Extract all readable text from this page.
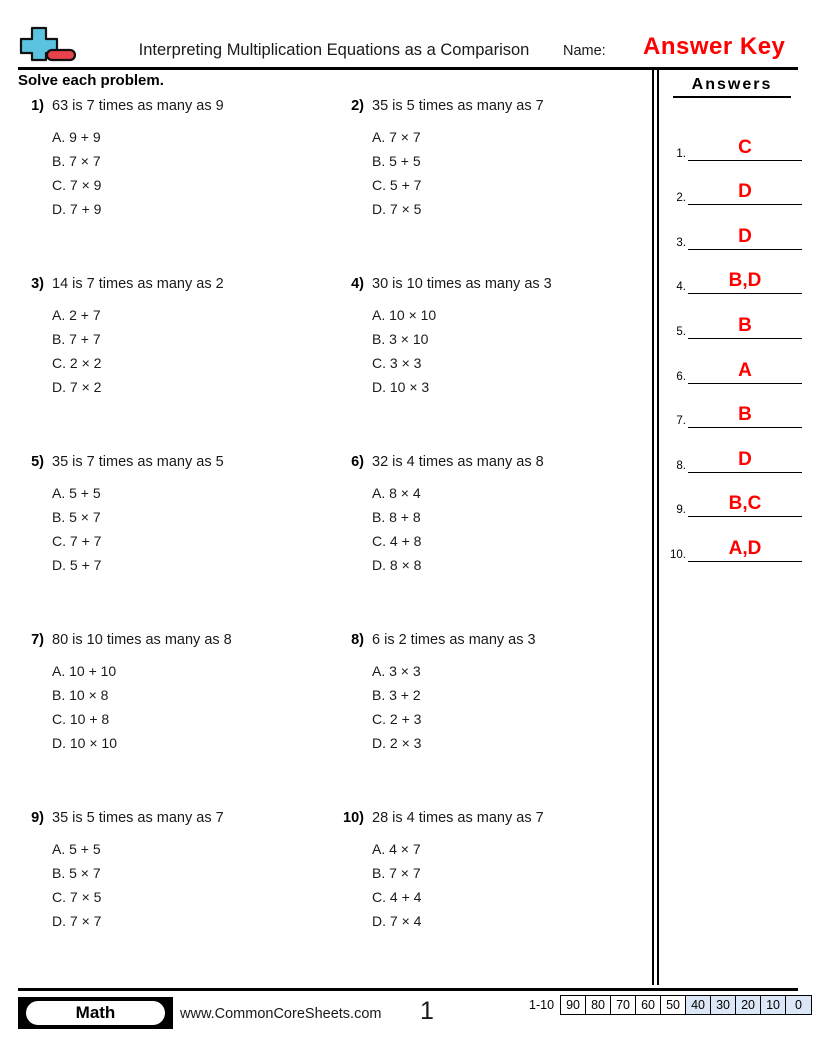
Interpreting Multiplication Equations as a Comparison	Name: Answer Key
Solve each problem.
1) 63 is 7 times as many as 9
A. 9 + 9
B. 7 × 7
C. 7 × 9
D. 7 + 9
2) 35 is 5 times as many as 7
A. 7 × 7
B. 5 + 5
C. 5 + 7
D. 7 × 5
3) 14 is 7 times as many as 2
A. 2 + 7
B. 7 + 7
C. 2 × 2
D. 7 × 2
4) 30 is 10 times as many as 3
A. 10 × 10
B. 3 × 10
C. 3 × 3
D. 10 × 3
5) 35 is 7 times as many as 5
A. 5 + 5
B. 5 × 7
C. 7 + 7
D. 5 + 7
6) 32 is 4 times as many as 8
A. 8 × 4
B. 8 + 8
C. 4 + 8
D. 8 × 8
7) 80 is 10 times as many as 8
A. 10 + 10
B. 10 × 8
C. 10 + 8
D. 10 × 10
8) 6 is 2 times as many as 3
A. 3 × 3
B. 3 + 2
C. 2 + 3
D. 2 × 3
9) 35 is 5 times as many as 7
A. 5 + 5
B. 5 × 7
C. 7 × 5
D. 7 × 7
10) 28 is 4 times as many as 7
A. 4 × 7
B. 7 × 7
C. 4 + 4
D. 7 × 4
Answers
1.	C
2.	D
3.	D
4.	B,D
5.	B
6.	A
7.	B
8.	D
9.	B,C
10.	A,D
Math	www.CommonCoreSheets.com 1	1-10 90 80 70 60 50 40 30 20 10	0
